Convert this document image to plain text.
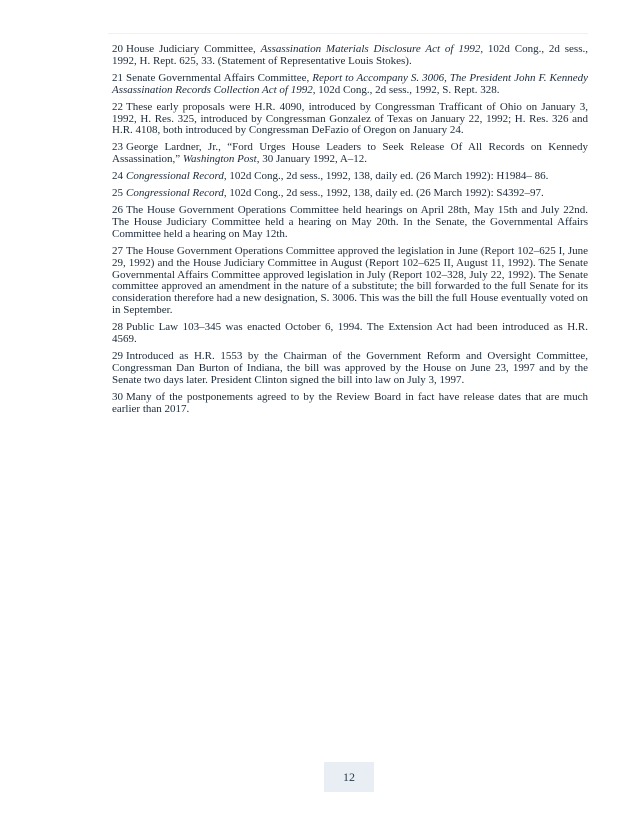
20 House Judiciary Committee, Assassination Materials Disclosure Act of 1992, 102d Cong., 2d sess., 1992, H. Rept. 625, 33. (Statement of Representative Louis Stokes).

21 Senate Governmental Affairs Committee, Report to Accompany S. 3006, The President John F. Kennedy Assassination Records Collection Act of 1992, 102d Cong., 2d sess., 1992, S. Rept. 328.

22 These early proposals were H.R. 4090, introduced by Congressman Trafficant of Ohio on January 3, 1992, H. Res. 325, introduced by Congressman Gonzalez of Texas on January 22, 1992; H. Res. 326 and H.R. 4108, both introduced by Congressman DeFazio of Oregon on January 24.

23 George Lardner, Jr., “Ford Urges House Leaders to Seek Release Of All Records on Kennedy Assassination,” Washington Post, 30 January 1992, A–12.

24 Congressional Record, 102d Cong., 2d sess., 1992, 138, daily ed. (26 March 1992): H1984– 86.

25 Congressional Record, 102d Cong., 2d sess., 1992, 138, daily ed. (26 March 1992): S4392–97.

26 The House Government Operations Committee held hearings on April 28th, May 15th and July 22nd. The House Judiciary Committee held a hearing on May 20th. In the Senate, the Governmental Affairs Committee held a hearing on May 12th.

27 The House Government Operations Committee approved the legislation in June (Report 102–625 I, June 29, 1992) and the House Judiciary Committee in August (Report 102–625 II, August 11, 1992). The Senate Governmental Affairs Committee approved legislation in July (Report 102–328, July 22, 1992). The Senate committee approved an amendment in the nature of a substitute; the bill forwarded to the full Senate for its consideration therefore had a new designation, S. 3006. This was the bill the full House eventually voted on in September.

28 Public Law 103–345 was enacted October 6, 1994. The Extension Act had been introduced as H.R. 4569.

29 Introduced as H.R. 1553 by the Chairman of the Government Reform and Oversight Committee, Congressman Dan Burton of Indiana, the bill was approved by the House on June 23, 1997 and by the Senate two days later. President Clinton signed the bill into law on July 3, 1997.

30 Many of the postponements agreed to by the Review Board in fact have release dates that are much earlier than 2017.

12
